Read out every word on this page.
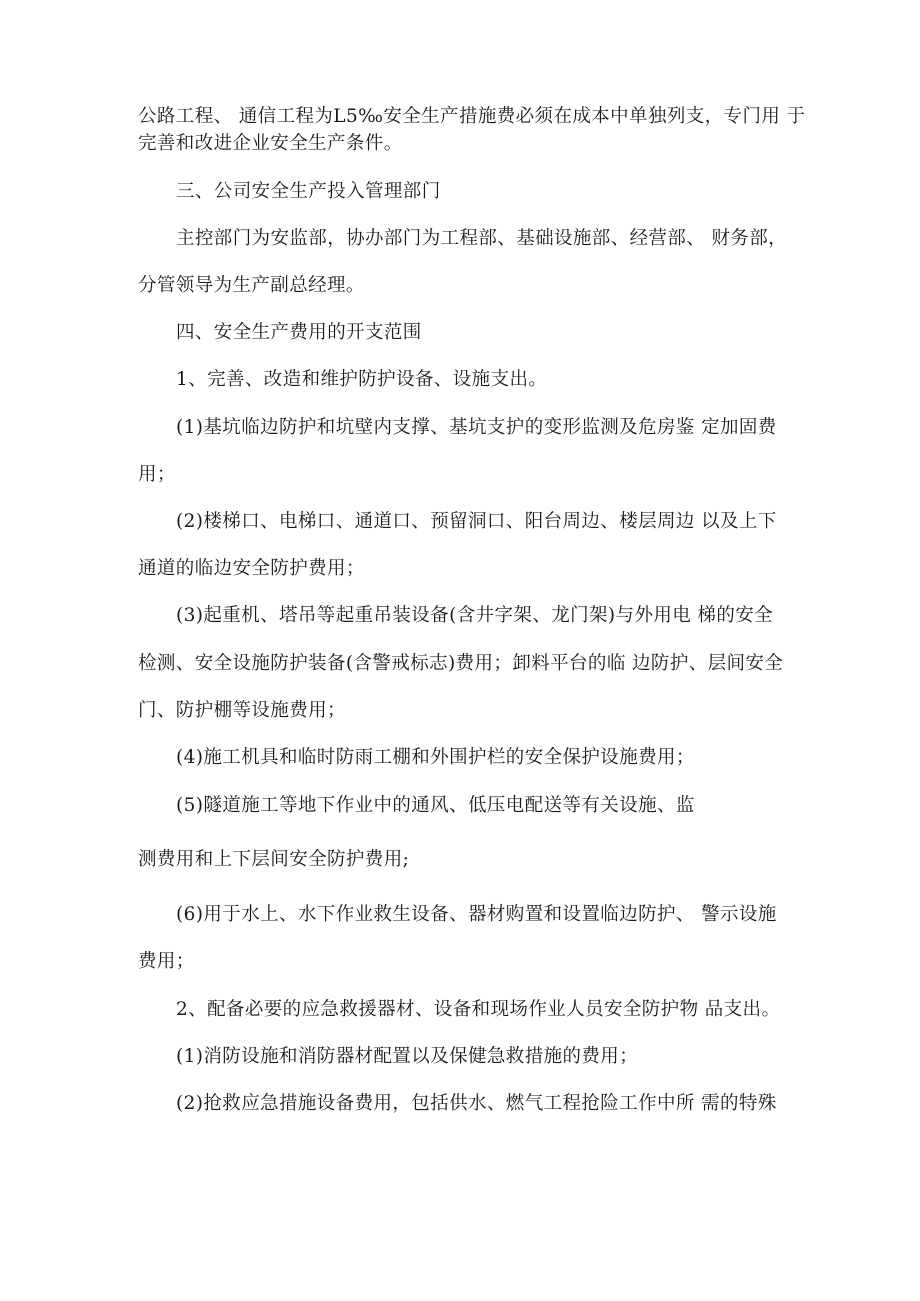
公路工程、 通信工程为L5‰安全生产措施费必须在成本中单独列支，专门用 于

完善和改进企业安全生产条件。

三、公司安全生产投入管理部门

主控部门为安监部，协办部门为工程部、基础设施部、经营部、 财务部，

分管领导为生产副总经理。

四、安全生产费用的开支范围

1、完善、改造和维护防护设备、设施支出。

(1)基坑临边防护和坑壁内支撑、基坑支护的变形监测及危房鉴 定加固费

用；

(2)楼梯口、电梯口、通道口、预留洞口、阳台周边、楼层周边 以及上下

通道的临边安全防护费用；

(3)起重机、塔吊等起重吊装设备(含井字架、龙门架)与外用电 梯的安全

检测、安全设施防护装备(含警戒标志)费用；卸料平台的临 边防护、层间安全

门、防护棚等设施费用；

(4)施工机具和临时防雨工棚和外围护栏的安全保护设施费用；

(5)隧道施工等地下作业中的通风、低压电配送等有关设施、监

测费用和上下层间安全防护费用;

(6)用于水上、水下作业救生设备、器材购置和设置临边防护、 警示设施

费用；

2、配备必要的应急救援器材、设备和现场作业人员安全防护物 品支出。

(1)消防设施和消防器材配置以及保健急救措施的费用；

(2)抢救应急措施设备费用，包括供水、燃气工程抢险工作中所 需的特殊
